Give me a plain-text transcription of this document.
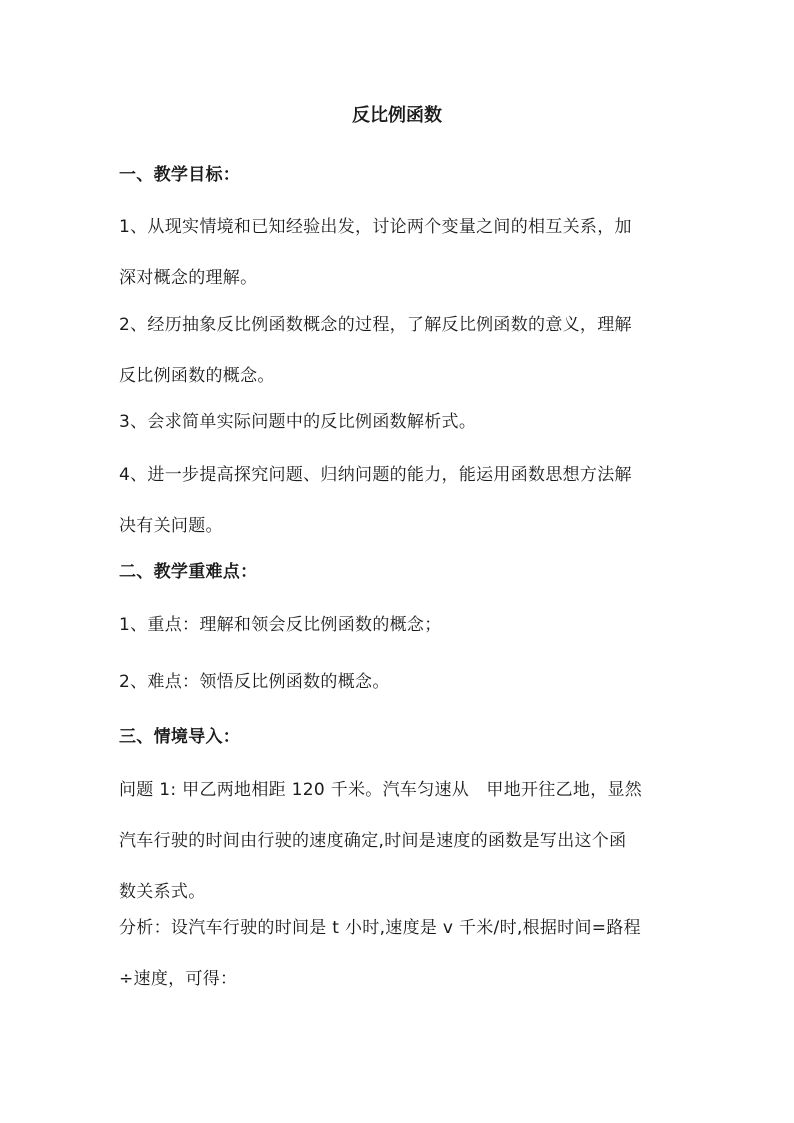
反比例函数
一、教学目标：
1、从现实情境和已知经验出发，讨论两个变量之间的相互关系，加
深对概念的理解。
2、经历抽象反比例函数概念的过程，了解反比例函数的意义，理解
反比例函数的概念。
3、会求简单实际问题中的反比例函数解析式。
4、进一步提高探究问题、归纳问题的能力，能运用函数思想方法解
决有关问题。
二、教学重难点：
1、重点：理解和领会反比例函数的概念；
2、难点：领悟反比例函数的概念。
三、情境导入：
问题 1: 甲乙两地相距 120 千米。汽车匀速从　甲地开往乙地，显然
汽车行驶的时间由行驶的速度确定,时间是速度的函数是写出这个函
数关系式。
分析：设汽车行驶的时间是 t 小时,速度是 v 千米/时,根据时间=路程
÷速度，可得：
